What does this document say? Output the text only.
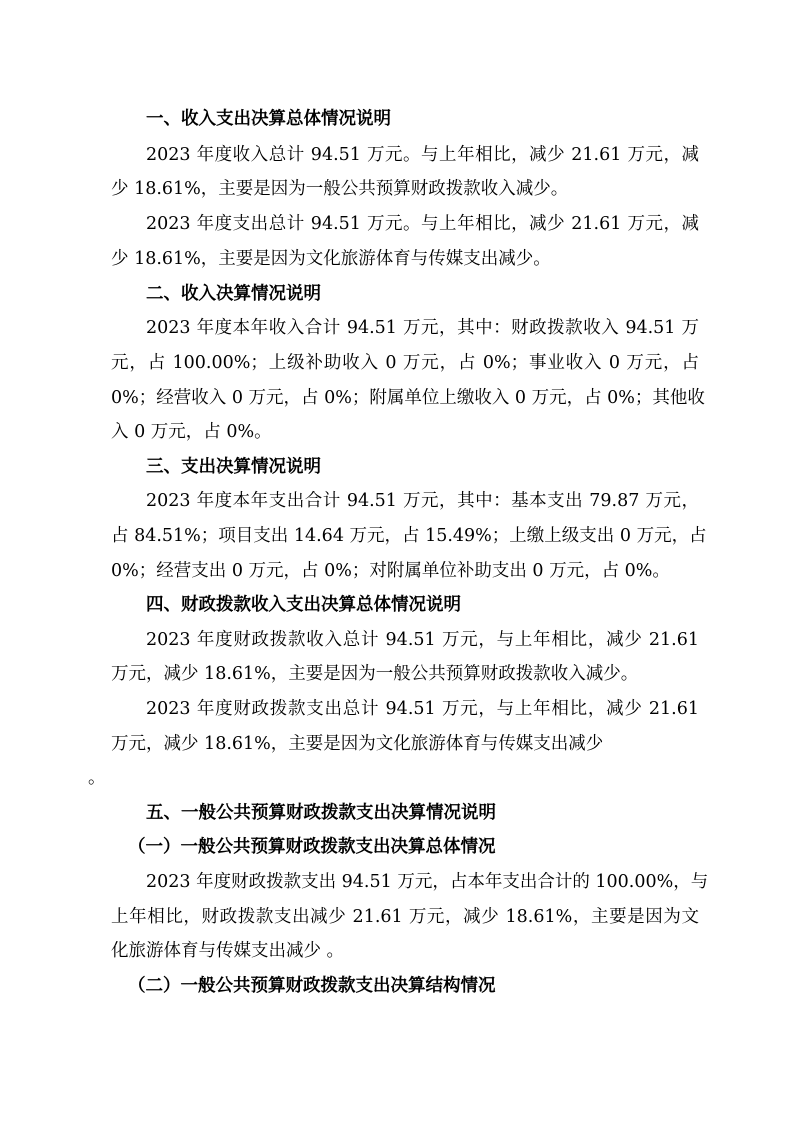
一、收入支出决算总体情况说明
2023 年度收入总计 94.51 万元。与上年相比，减少 21.61 万元，减
少 18.61%，主要是因为一般公共预算财政拨款收入减少。
2023 年度支出总计 94.51 万元。与上年相比，减少 21.61 万元，减
少 18.61%，主要是因为文化旅游体育与传媒支出减少。
二、收入决算情况说明
2023 年度本年收入合计 94.51 万元，其中：财政拨款收入 94.51 万
元，占 100.00%；上级补助收入 0 万元，占 0%；事业收入 0 万元，占
0%；经营收入 0 万元，占 0%；附属单位上缴收入 0 万元，占 0%；其他收
入 0 万元，占 0%。
三、支出决算情况说明
2023 年度本年支出合计 94.51 万元，其中：基本支出 79.87 万元，
占 84.51%；项目支出 14.64 万元，占 15.49%；上缴上级支出 0 万元，占
0%；经营支出 0 万元，占 0%；对附属单位补助支出 0 万元，占 0%。
四、财政拨款收入支出决算总体情况说明
2023 年度财政拨款收入总计 94.51 万元，与上年相比，减少 21.61
万元，减少 18.61%，主要是因为一般公共预算财政拨款收入减少。
2023 年度财政拨款支出总计 94.51 万元，与上年相比，减少 21.61
万元，减少 18.61%，主要是因为文化旅游体育与传媒支出减少
。
五、一般公共预算财政拨款支出决算情况说明
（一）一般公共预算财政拨款支出决算总体情况
2023 年度财政拨款支出 94.51 万元，占本年支出合计的 100.00%，与
上年相比，财政拨款支出减少 21.61 万元，减少 18.61%，主要是因为文
化旅游体育与传媒支出减少 。
（二）一般公共预算财政拨款支出决算结构情况
